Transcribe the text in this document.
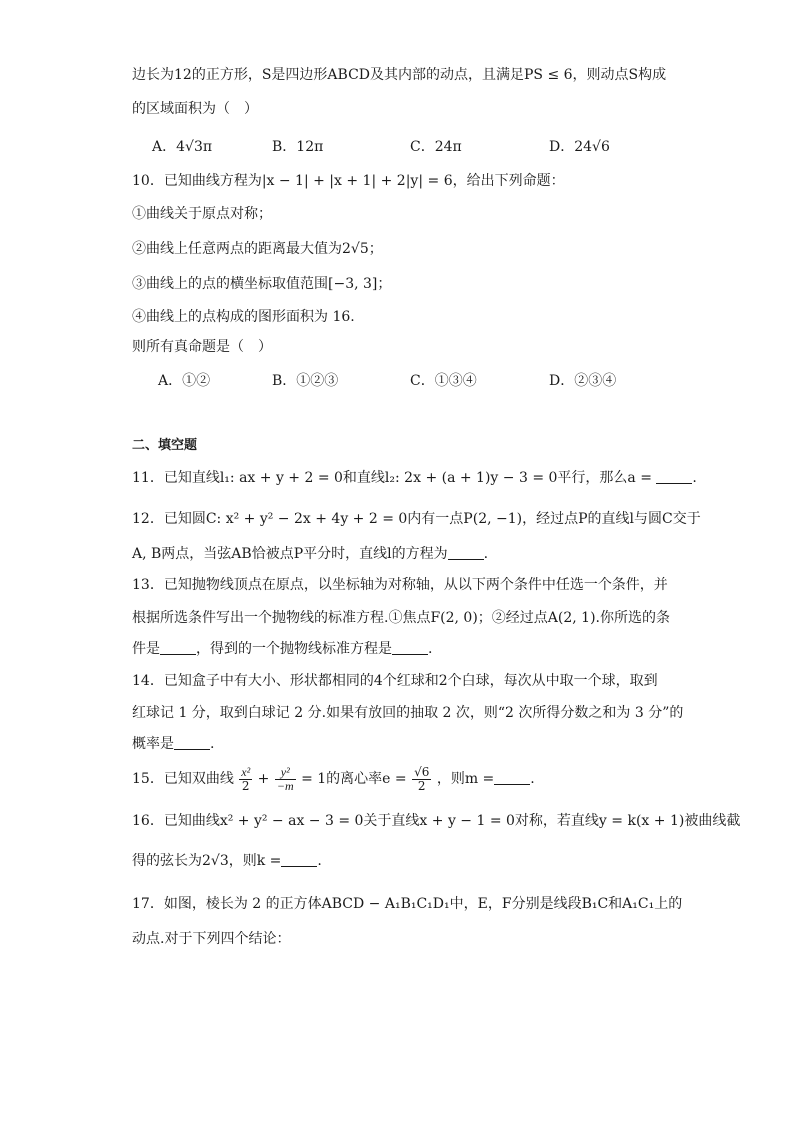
边长为12的正方形，S是四边形ABCD及其内部的动点，且满足PS ≤ 6，则动点S构成
的区域面积为（　）
A．4√3π	B．12π	C．24π	D．24√6
10．已知曲线方程为|x − 1| + |x + 1| + 2|y| = 6，给出下列命题：
①曲线关于原点对称；
②曲线上任意两点的距离最大值为2√5；
③曲线上的点的横坐标取值范围[−3, 3]；
④曲线上的点构成的图形面积为 16.
则所有真命题是（　）
A．①②	B．①②③	C．①③④	D．②③④
二、填空题
11．已知直线l₁: ax + y + 2 = 0和直线l₂: 2x + (a + 1)y − 3 = 0平行，那么a =	.
12．已知圆C: x² + y² − 2x + 4y + 2 = 0内有一点P(2, −1)，经过点P的直线l与圆C交于
A, B两点，当弦AB恰被点P平分时，直线l的方程为	.
13．已知抛物线顶点在原点，以坐标轴为对称轴，从以下两个条件中任选一个条件，并
根据所选条件写出一个抛物线的标准方程.①焦点F(2, 0)；②经过点A(2, 1).你所选的条
件是	，得到的一个抛物线标准方程是	.
14．已知盒子中有大小、形状都相同的4个红球和2个白球，每次从中取一个球，取到
红球记 1 分，取到白球记 2 分.如果有放回的抽取 2 次，则“2 次所得分数之和为 3 分”的
概率是	.
15．已知双曲线 $\frac{\text{x²}}{2} + \frac{\text{y²}}{-m} = 1$的离心率$e = \frac{√6}{2}$ ，则m =	.
16．已知曲线x² + y² − ax − 3 = 0关于直线x + y − 1 = 0对称，若直线y = k(x + 1)被曲线截
得的弦长为2√3，则k =	.
17．如图，棱长为 2 的正方体ABCD − A₁B₁C₁D₁中，E，F分别是线段B₁C和A₁C₁上的
动点.对于下列四个结论：
